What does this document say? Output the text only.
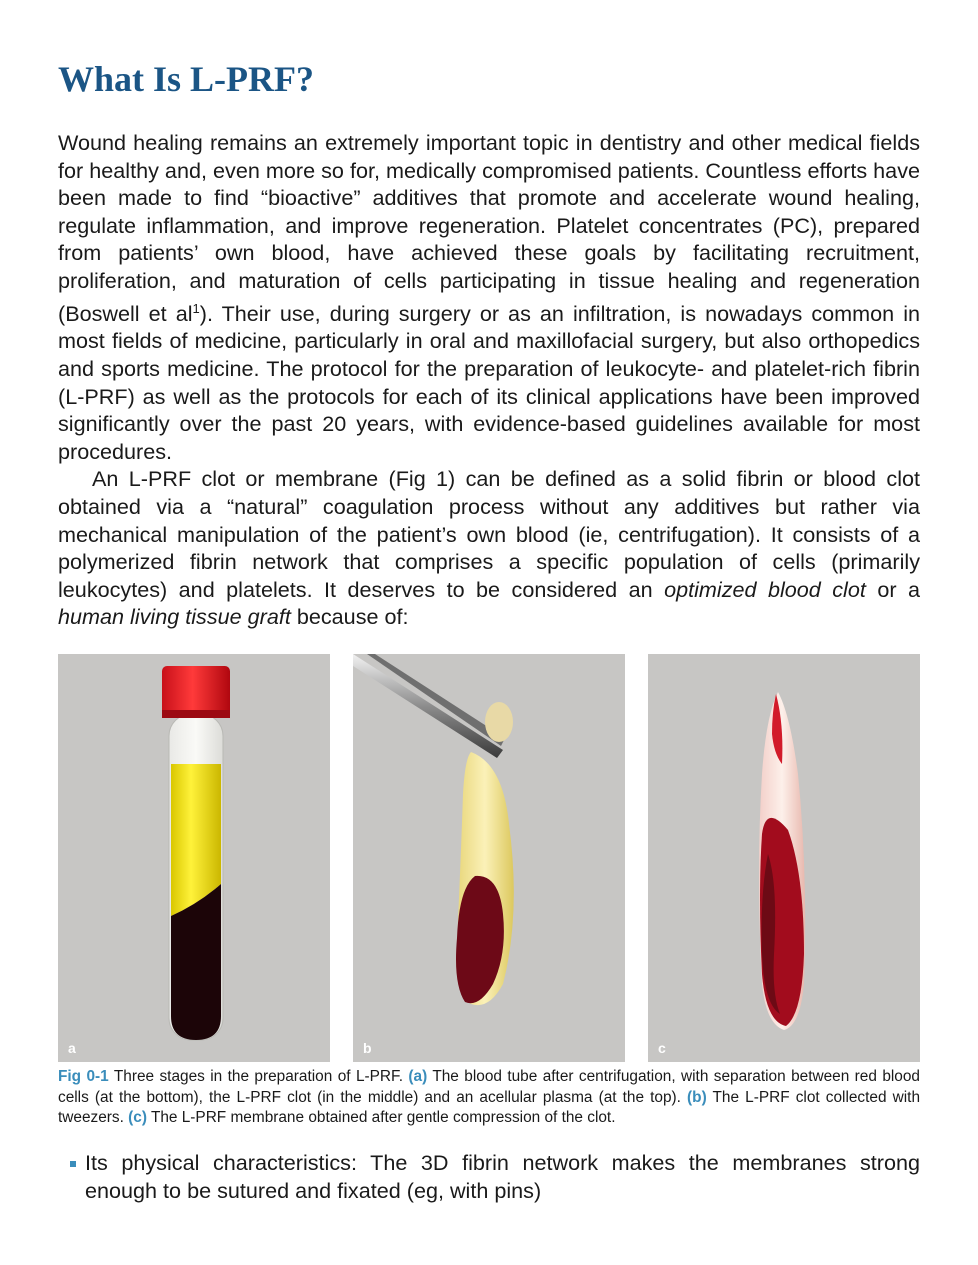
What Is L-PRF?

Wound healing remains an extremely important topic in dentistry and other medical fields for healthy and, even more so for, medically compromised patients. Countless efforts have been made to find “bioactive” additives that promote and accelerate wound healing, regulate inflammation, and improve regeneration. Platelet concentrates (PC), prepared from patients’ own blood, have achieved these goals by facilitating recruitment, proliferation, and maturation of cells participating in tissue healing and regeneration (Boswell et $al^1$). Their use, during surgery or as an infiltration, is nowadays common in most fields of medicine, particularly in oral and maxillofacial surgery, but also orthopedics and sports medicine. The protocol for the preparation of leukocyte- and platelet-rich fibrin (L-PRF) as well as the protocols for each of its clinical applications have been improved significantly over the past 20 years, with evidence-based guidelines available for most procedures.

An L-PRF clot or membrane (Fig 1) can be defined as a solid fibrin or blood clot obtained via a “natural” coagulation process without any additives but rather via mechanical manipulation of the patient’s own blood (ie, centrifugation). It consists of a polymerized fibrin network that comprises a specific population of cells (primarily leukocytes) and platelets. It deserves to be considered an optimized blood clot or a human living tissue graft because of:

a	b	c

Fig 0-1 Three stages in the preparation of L-PRF. (a) The blood tube after centrifugation, with separation between red blood cells (at the bottom), the L-PRF clot (in the middle) and an acellular plasma (at the top). (b) The L-PRF clot collected with tweezers. (c) The L-PRF membrane obtained after gentle compression of the clot.

Its physical characteristics: The 3D fibrin network makes the membranes strong enough to be sutured and fixated (eg, with pins)
